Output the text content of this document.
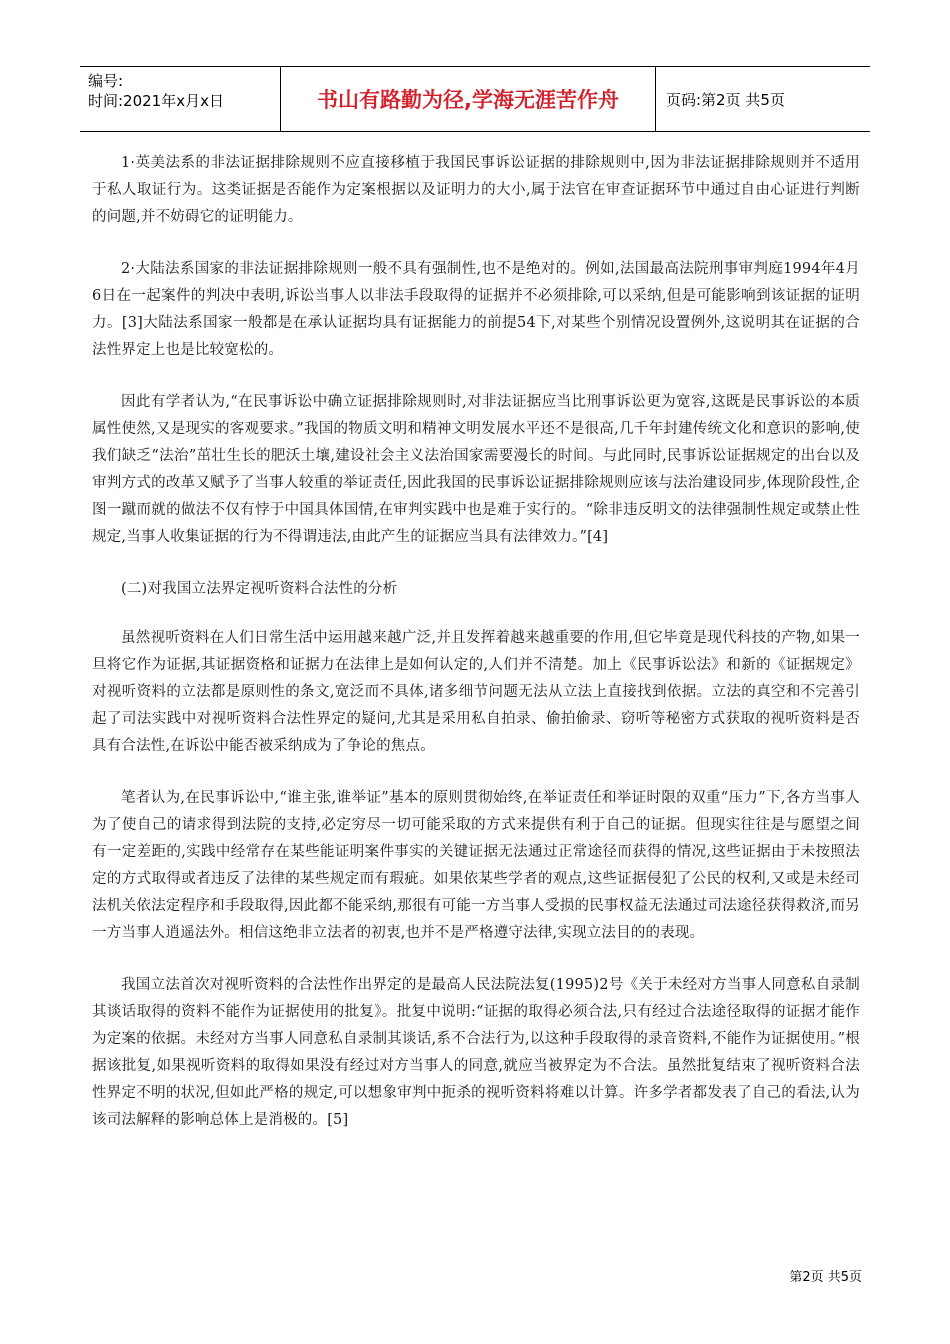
编号:
时间:2021年x月x日	书山有路勤为径,学海无涯苦作舟	页码:第2页 共5页

1·英美法系的非法证据排除规则不应直接移植于我国民事诉讼证据的排除规则中,因为非法证据排除规则并不适用于私人取证行为。这类证据是否能作为定案根据以及证明力的大小,属于法官在审查证据环节中通过自由心证进行判断的问题,并不妨碍它的证明能力。

2·大陆法系国家的非法证据排除规则一般不具有强制性,也不是绝对的。例如,法国最高法院刑事审判庭1994年4月6日在一起案件的判决中表明,诉讼当事人以非法手段取得的证据并不必须排除,可以采纳,但是可能影响到该证据的证明力。[3]大陆法系国家一般都是在承认证据均具有证据能力的前提54下,对某些个别情况设置例外,这说明其在证据的合法性界定上也是比较宽松的。

因此有学者认为,“在民事诉讼中确立证据排除规则时,对非法证据应当比刑事诉讼更为宽容,这既是民事诉讼的本质属性使然,又是现实的客观要求。”我国的物质文明和精神文明发展水平还不是很高,几千年封建传统文化和意识的影响,使我们缺乏“法治”茁壮生长的肥沃土壤,建设社会主义法治国家需要漫长的时间。与此同时,民事诉讼证据规定的出台以及审判方式的改革又赋予了当事人较重的举证责任,因此我国的民事诉讼证据排除规则应该与法治建设同步,体现阶段性,企图一蹴而就的做法不仅有悖于中国具体国情,在审判实践中也是难于实行的。“除非违反明文的法律强制性规定或禁止性规定,当事人收集证据的行为不得谓违法,由此产生的证据应当具有法律效力。”[4]

(二)对我国立法界定视听资料合法性的分析

虽然视听资料在人们日常生活中运用越来越广泛,并且发挥着越来越重要的作用,但它毕竟是现代科技的产物,如果一旦将它作为证据,其证据资格和证据力在法律上是如何认定的,人们并不清楚。加上《民事诉讼法》和新的《证据规定》对视听资料的立法都是原则性的条文,宽泛而不具体,诸多细节问题无法从立法上直接找到依据。立法的真空和不完善引起了司法实践中对视听资料合法性界定的疑问,尤其是采用私自拍录、偷拍偷录、窃听等秘密方式获取的视听资料是否具有合法性,在诉讼中能否被采纳成为了争论的焦点。

笔者认为,在民事诉讼中,“谁主张,谁举证”基本的原则贯彻始终,在举证责任和举证时限的双重“压力”下,各方当事人为了使自己的请求得到法院的支持,必定穷尽一切可能采取的方式来提供有利于自己的证据。但现实往往是与愿望之间有一定差距的,实践中经常存在某些能证明案件事实的关键证据无法通过正常途径而获得的情况,这些证据由于未按照法定的方式取得或者违反了法律的某些规定而有瑕疵。如果依某些学者的观点,这些证据侵犯了公民的权利,又或是未经司法机关依法定程序和手段取得,因此都不能采纳,那很有可能一方当事人受损的民事权益无法通过司法途径获得救济,而另一方当事人逍遥法外。相信这绝非立法者的初衷,也并不是严格遵守法律,实现立法目的的表现。

我国立法首次对视听资料的合法性作出界定的是最高人民法院法复(1995)2号《关于未经对方当事人同意私自录制其谈话取得的资料不能作为证据使用的批复》。批复中说明:“证据的取得必须合法,只有经过合法途径取得的证据才能作为定案的依据。未经对方当事人同意私自录制其谈话,系不合法行为,以这种手段取得的录音资料,不能作为证据使用。”根据该批复,如果视听资料的取得如果没有经过对方当事人的同意,就应当被界定为不合法。虽然批复结束了视听资料合法性界定不明的状况,但如此严格的规定,可以想象审判中扼杀的视听资料将难以计算。许多学者都发表了自己的看法,认为该司法解释的影响总体上是消极的。[5]

第2页 共5页
